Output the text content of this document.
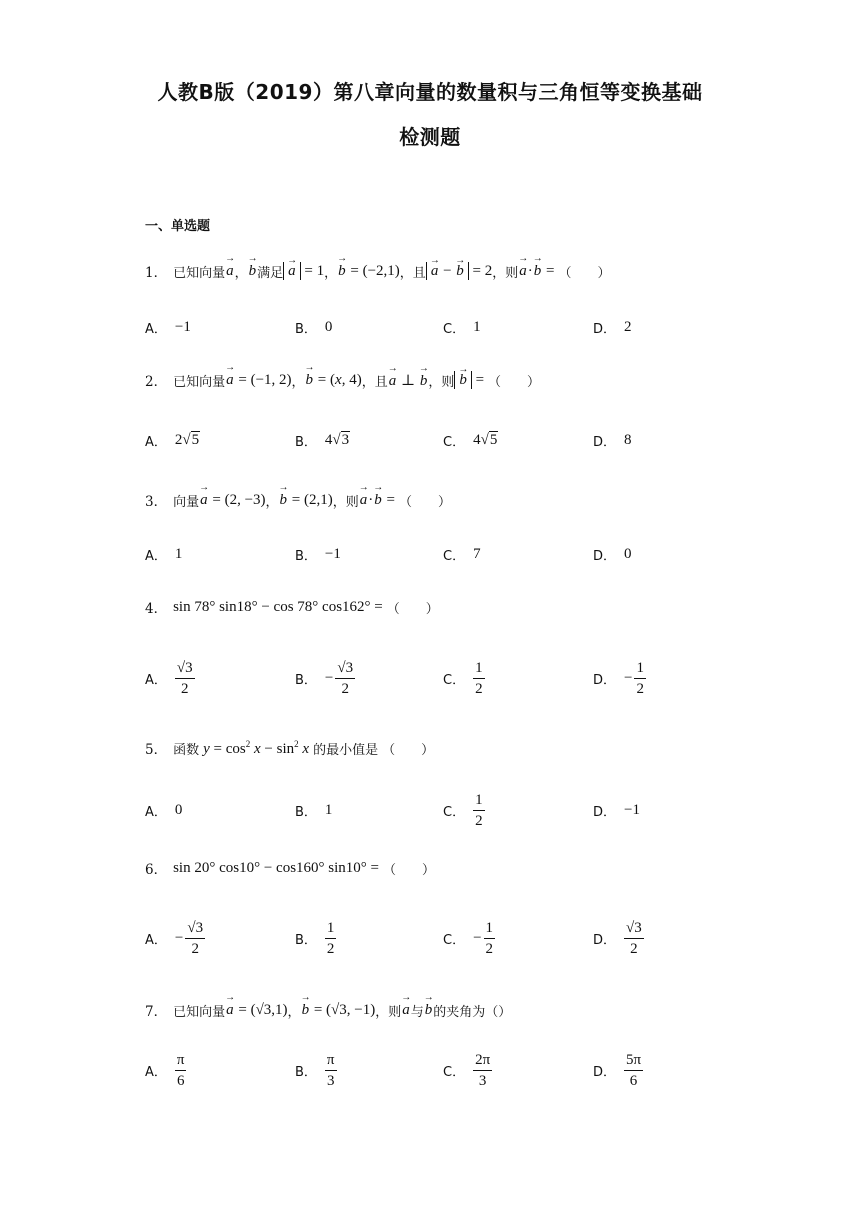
人教B版（2019）第八章向量的数量积与三角恒等变换基础
检测题
一、单选题
1． 已知向量 → a ， → b 满足 → a = 1 ， → b = (−2,1) ，且 → a − → b = 2 ，则 → a·→ b = （　　）
A． −1	B． 0	C． 1	D． 2
2． 已知向量 → a = (−1, 2) ， → b = (x, 4) ，且 → a ⊥ → b ，则 → b = （　　）
A． 2√5	B． 4√3	C． 4√5	D． 8
3． 向量 → a = (2, −3) ， → b = (2,1) ，则 → a·→ b = （　　）
A． 1	B． −1	C． 7	D． 0
4． sin 78° sin18° − cos 78° cos162° = （　　）
A． $\frac{√3}{2}$	B． − $\frac{√3}{2}$	C． $\frac{1}{2}$	D． − $\frac{1}{2}$
5． 函数 $y = \cos^2 x - \sin^2 x$ 的最小值是 （　　）
A． 0	B． 1	C． $\frac{1}{2}$	D． −1
6． sin 20° cos10° − cos160° sin10° = （　　）
A． − $\frac{√3}{2}$	B． $\frac{1}{2}$	C． − $\frac{1}{2}$	D． $\frac{√3}{2}$
7． 已知向量 → a = (√3,1) ， → b = (√3, −1) ，则 → a 与 → b 的夹角为 （）
A． $\frac{\pi}{6}$	B． $\frac{\pi}{3}$	C． $\frac{2\pi}{3}$	D． $\frac{5\pi}{6}$
